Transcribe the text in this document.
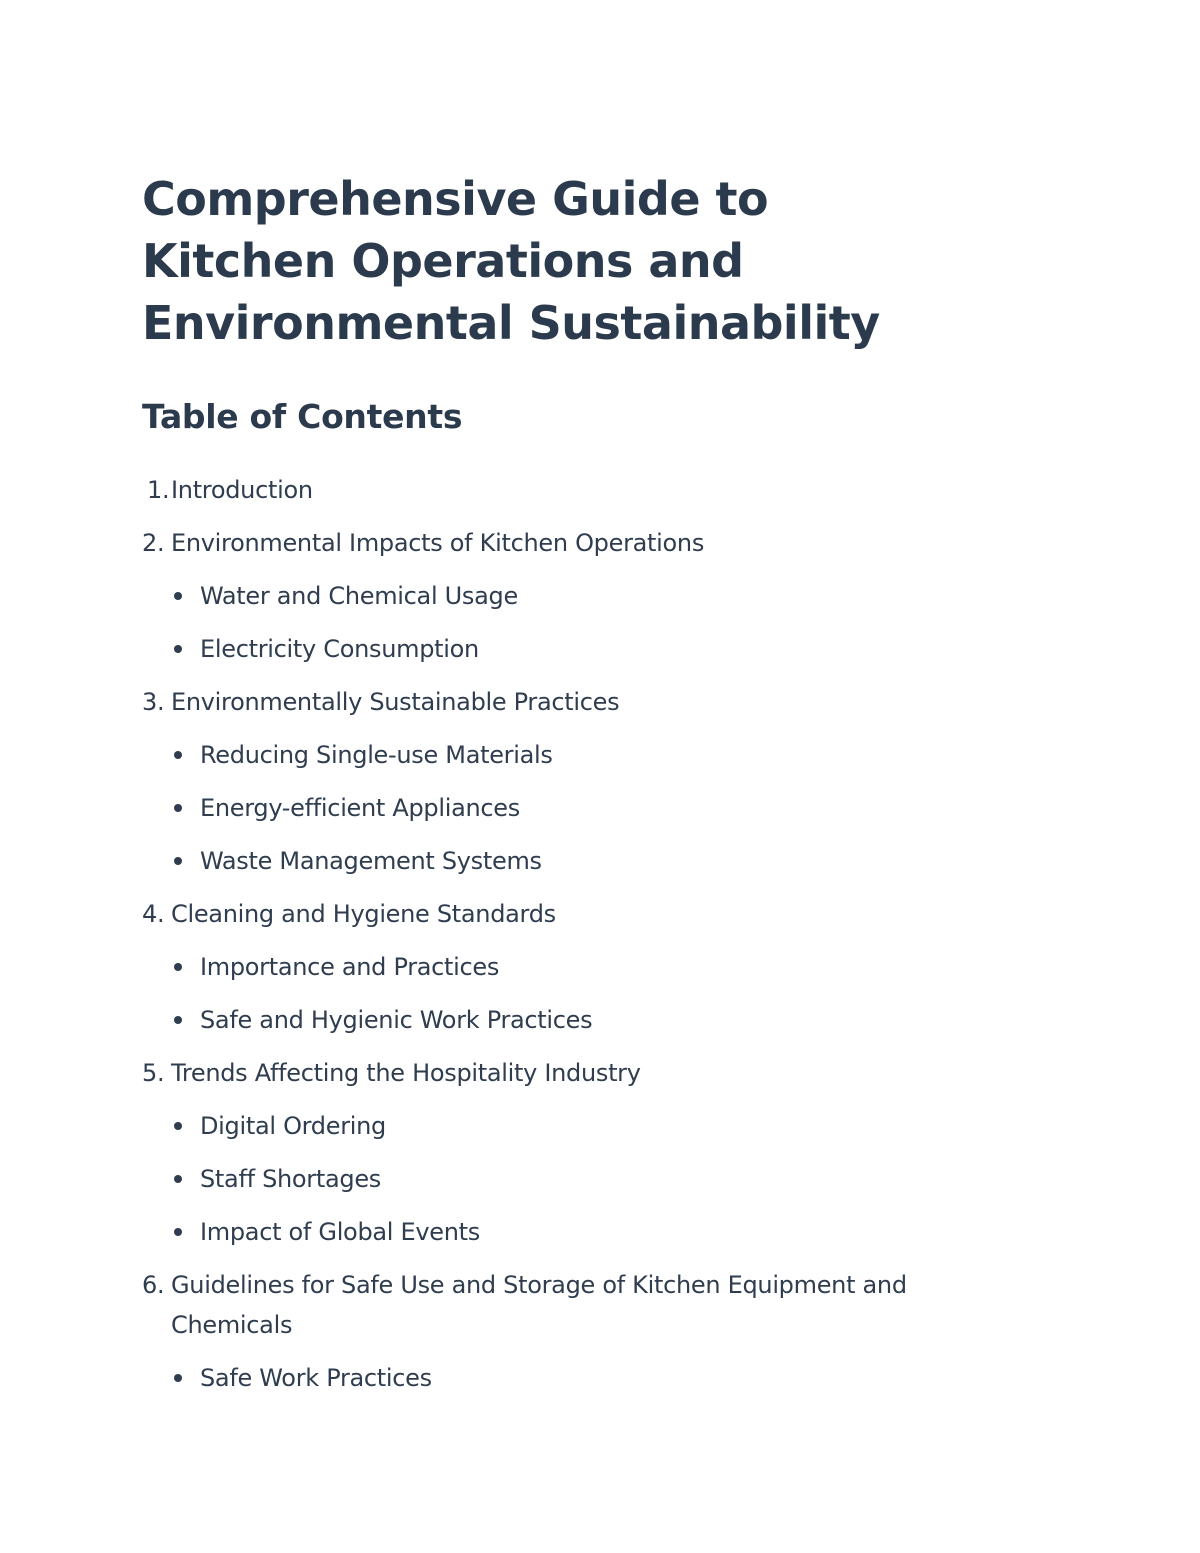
Comprehensive Guide to Kitchen Operations and Environmental Sustainability
Table of Contents
1. Introduction
2. Environmental Impacts of Kitchen Operations
Water and Chemical Usage
Electricity Consumption
3. Environmentally Sustainable Practices
Reducing Single-use Materials
Energy-efficient Appliances
Waste Management Systems
4. Cleaning and Hygiene Standards
Importance and Practices
Safe and Hygienic Work Practices
5. Trends Affecting the Hospitality Industry
Digital Ordering
Staff Shortages
Impact of Global Events
6. Guidelines for Safe Use and Storage of Kitchen Equipment and Chemicals
Safe Work Practices
